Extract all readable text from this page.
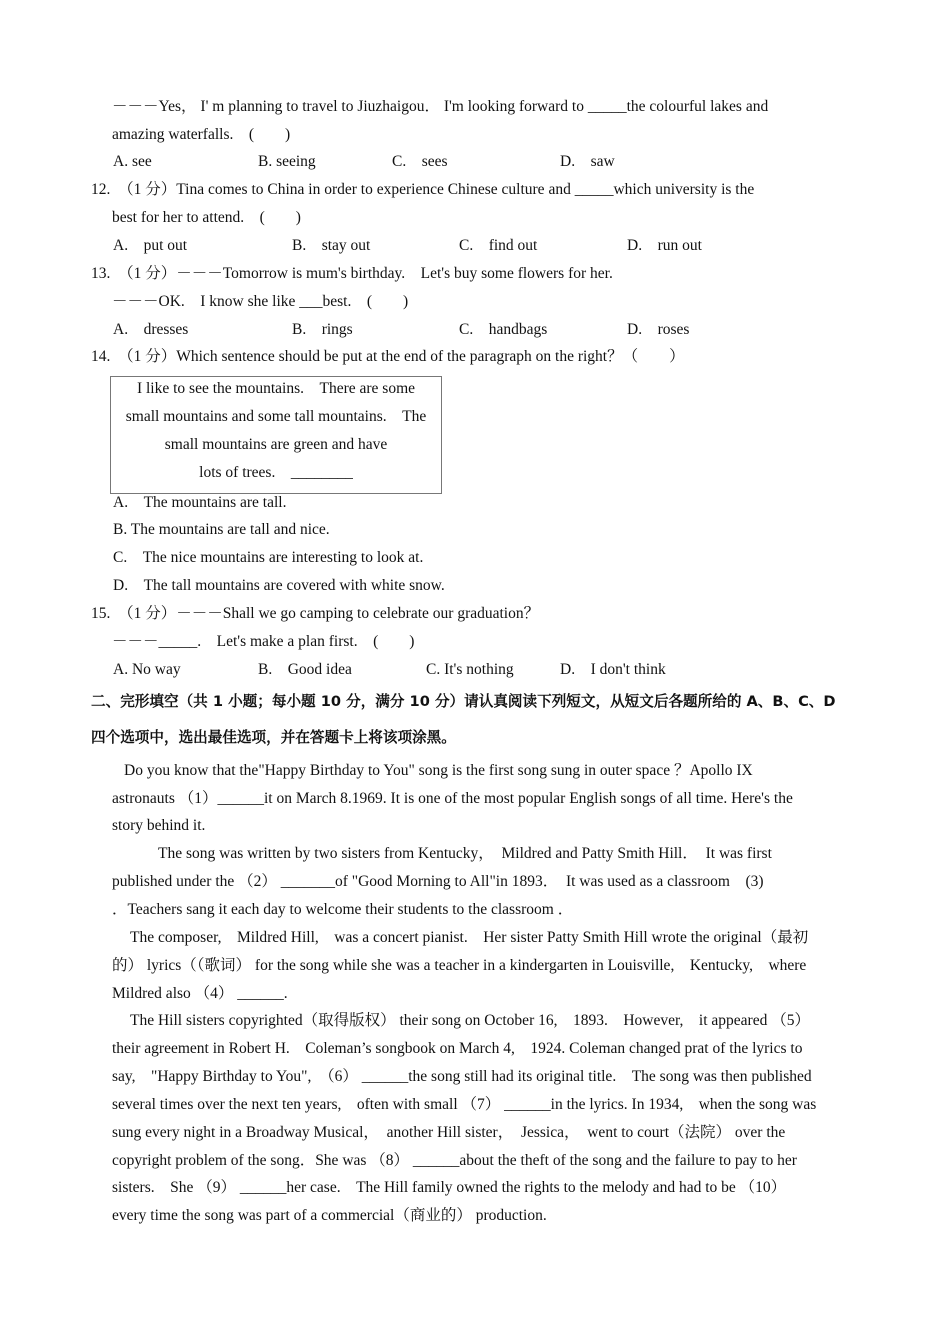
－－－Yes， I' m planning to travel to Jiuzhaigou． I'm looking forward to _____the colourful lakes and
amazing waterfalls.　(　　)
A. see	B. seeing	C.　sees	D.　saw
12.　（1 分）Tina comes to China in order to experience Chinese culture and _____which university is the
best for her to attend.　(　　)
A.　put out	B.　stay out	C.　find out	D.　run out
13.　（1 分）－－－Tomorrow is mum's birthday.　Let's buy some flowers for her.
－－－OK.　I know she like ___best.　(　　)
A.　dresses	B.　rings	C.　handbags	D.　roses
14.　（1 分）Which sentence should be put at the end of the paragraph on the right？（　　）
I like to see the mountains.　There are some
small mountains and some tall mountains.　The
small mountains are green and have
lots of trees.　________
A.　The mountains are tall.
B. The mountains are tall and nice.
C.　The nice mountains are interesting to look at.
D.　The tall mountains are covered with white snow.
15.　（1 分）－－－Shall we go camping to celebrate our graduation？
－－－_____.　Let's make a plan first.　(　　)
A. No way	B.　Good idea	C. It's nothing	D.　I don't think
二、完形填空（共 1 小题；每小题 10 分，满分 10 分）请认真阅读下列短文，从短文后各题所给的 A、B、C、D
四个选项中，选出最佳选项，并在答题卡上将该项涂黑。
Do you know that the"Happy Birthday to You" song is the first song sung in outer space ？Apollo IX
astronauts （1）______it on March 8.1969. It is one of the most popular English songs of all time. Here's the
story behind it.
The song was written by two sisters from Kentucky，　Mildred and Patty Smith Hill．　It was first
published under the （2） _______of "Good Morning to All"in 1893．　It was used as a classroom　(3)
．Teachers sang it each day to welcome their students to the classroom ．
The composer,　Mildred Hill,　was a concert pianist.　Her sister Patty Smith Hill wrote the original（最初
的） lyrics（（歌词） for the song while she was a teacher in a kindergarten in Louisville,　Kentucky,　where
Mildred also （4） ______.
The Hill sisters copyrighted（取得版权） their song on October 16,　1893.　However,　it appeared （5）
their agreement in Robert H.　Coleman’s songbook on March 4,　1924. Coleman changed prat of the lyrics to
say,　"Happy Birthday to You",　（6） ______the song still had its original title.　The song was then published
several times over the next ten years,　often with small （7） ______in the lyrics. In 1934,　when the song was
sung every night in a Broadway Musical，　another Hill sister，　Jessica，　went to court（法院） over the
copyright problem of the song．She was （8） ______about the theft of the song and the failure to pay to her
sisters.　She （9） ______her case.　The Hill family owned the rights to the melody and had to be （10）
every time the song was part of a commercial（商业的） production.
